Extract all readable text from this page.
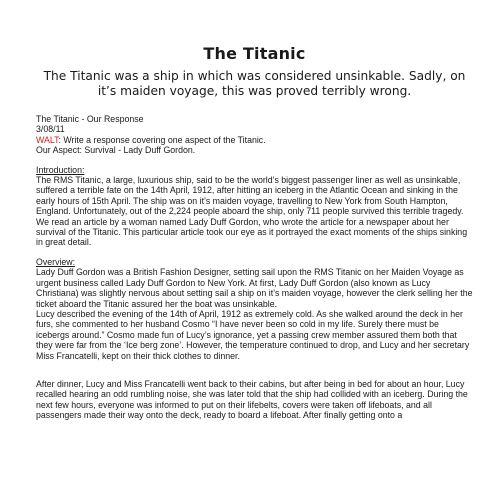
The Titanic
The Titanic was a ship in which was considered unsinkable. Sadly, on it’s maiden voyage, this was proved terribly wrong.
The Titanic - Our Response
3/08/11
WALT: Write a response covering one aspect of the Titanic.
Our Aspect: Survival - Lady Duff Gordon.
Introduction:

The RMS Titanic, a large, luxurious ship, said to be the world’s biggest passenger liner as well as unsinkable, suffered a terrible fate on the 14th April, 1912, after hitting an iceberg in the Atlantic Ocean and sinking in the early hours of 15th April. The ship was on it’s maiden voyage, travelling to New York from South Hampton, England. Unfortunately, out of the 2,224 people aboard the ship, only 711 people survived this terrible tragedy.

We read an article by a woman named Lady Duff Gordon, who wrote the article for a newspaper about her survival of the Titanic. This particular article took our eye as it portrayed the exact moments of the ships sinking in great detail.

Overview:

Lady Duff Gordon was a British Fashion Designer, setting sail upon the RMS Titanic on her Maiden Voyage as urgent business called Lady Duff Gordon to New York. At first, Lady Duff Gordon (also known as Lucy Christiana) was slightly nervous about setting sail a ship on it’s maiden voyage, however the clerk selling her the ticket aboard the Titanic assured her the boat was unsinkable.

Lucy described the evening of the 14th of April, 1912 as extremely cold. As she walked around the deck in her furs, she commented to her husband Cosmo “I have never been so cold in my life. Surely there must be icebergs around.” Cosmo made fun of Lucy’s ignorance, yet a passing crew member assured them both that they were far from the ‘Ice berg zone’. However, the temperature continued to drop, and Lucy and her secretary Miss Francatelli, kept on their thick clothes to dinner.

After dinner, Lucy and Miss Francatelli went back to their cabins, but after being in bed for about an hour, Lucy recalled hearing an odd rumbling noise, she was later told that the ship had collided with an iceberg. During the next few hours, everyone was informed to put on their lifebelts, covers were taken off lifeboats, and all passengers made their way onto the deck, ready to board a lifeboat. After finally getting onto a
